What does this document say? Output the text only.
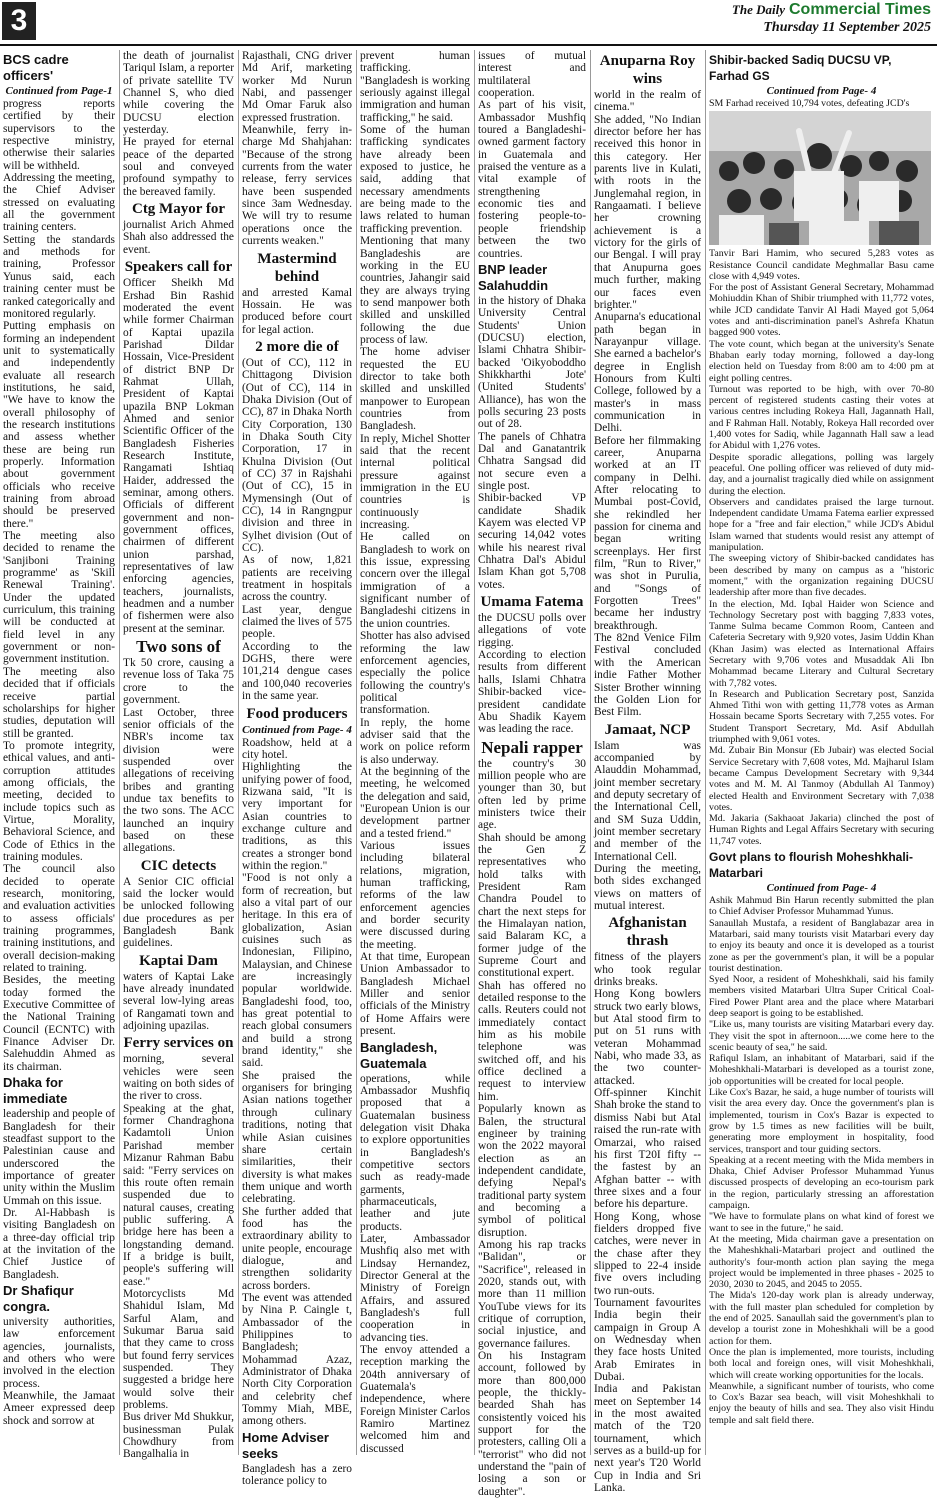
3	The Daily Commercial Times
Thursday 11 September 2025
BCS cadre officers'
Continued from Page-1

progress reports certified by their supervisors to the respective ministry, otherwise their salaries will be withheld.

Addressing the meeting, the Chief Adviser stressed on evaluating all the government training centers.

Setting the standards and methods for training, Professor Yunus said, each training center must be ranked categorically and monitored regularly.

Putting emphasis on forming an independent unit to systematically and independently evaluate all research institutions, he said, "We have to know the overall philosophy of the research institutions and assess whether these are being run properly. Information about government officials who receive training from abroad should be preserved there."

The meeting also decided to rename the 'Sanjiboni Training programme' as 'Skill Renewal Training'. Under the updated curriculum, this training will be conducted at field level in any government or non-government institution.

The meeting also decided that if officials receive partial scholarships for higher studies, deputation will still be granted.

To promote integrity, ethical values, and anti-corruption attitudes among officials, the meeting, decided to include topics such as Virtue, Morality, Behavioral Science, and Code of Ethics in the training modules.

The council also decided to operate research, monitoring, and evaluation activities to assess officials' training programmes, training institutions, and overall decision-making related to training.

Besides, the meeting today formed the Executive Committee of the National Training Council (ECNTC) with Finance Adviser Dr. Salehuddin Ahmed as its chairman.

Dhaka for immediate

leadership and people of Bangladesh for their steadfast support to the Palestinian cause and underscored the importance of greater unity within the Muslim Ummah on this issue.

Dr. Al-Habbash is visiting Bangladesh on a three-day official trip at the invitation of the Chief Justice of Bangladesh.

Dr Shafiqur congra.

university authorities, law enforcement agencies, journalists, and others who were involved in the election process.

Meanwhile, the Jamaat Ameer expressed deep shock and sorrow at

the death of journalist Tariqul Islam, a reporter of private satellite TV Channel S, who died while covering the DUCSU election yesterday.

He prayed for eternal peace of the departed soul and conveyed profound sympathy to the bereaved family.

Ctg Mayor for

journalist Arich Ahmed Shah also addressed the event.

Speakers call for

Officer Sheikh Md Ershad Bin Rashid moderated the event while former Chairman of Kaptai upazila Parishad Dildar Hossain, Vice-President of district BNP Dr Rahmat Ullah, President of Kaptai upazila BNP Lokman Ahmed and senior Scientific Officer of the Bangladesh Fisheries Research Institute, Rangamati Ishtiaq Haider, addressed the seminar, among others. Officials of different government and non-government offices, chairmen of different union parshad, representatives of law enforcing agencies, teachers, journalists, headmen and a number of fishermen were also present at the seminar.

Two sons of

Tk 50 crore, causing a revenue loss of Taka 75 crore to the government.

Last October, three senior officials of the NBR's income tax division were suspended over allegations of receiving bribes and granting undue tax benefits to the two sons. The ACC launched an inquiry based on these allegations.

CIC detects

A Senior CIC official said the locker would be unlocked following due procedures as per Bangladesh Bank guidelines.

Kaptai Dam

waters of Kaptai Lake have already inundated several low-lying areas of Rangamati town and adjoining upazilas.

Ferry services on

morning, several vehicles were seen waiting on both sides of the river to cross.

Speaking at the ghat, former Chandraghona Kadamtoli Union Parishad member Mizanur Rahman Babu said: "Ferry services on this route often remain suspended due to natural causes, creating public suffering. A bridge here has been a longstanding demand. If a bridge is built, people's suffering will ease."

Motorcyclists Md Shahidul Islam, Md Sarful Alam, and Sukumar Barua said that they came to cross but found ferry services suspended. They suggested a bridge here would solve their problems.

Bus driver Md Shukkur, businessman Pulak Chowdhury from Bangalhalia in

Rajasthali, CNG driver Md Arif, marketing worker Md Nurun Nabi, and passenger Md Omar Faruk also expressed frustration.

Meanwhile, ferry in-charge Md Shahjahan: "Because of the strong currents from the water release, ferry services have been suspended since 3am Wednesday. We will try to resume operations once the currents weaken."

Mastermind behind

and arrested Kamal Hossain. He was produced before court for legal action.

2 more die of

(Out of CC), 112 in Chittagong Division (Out of CC), 114 in Dhaka Division (Out of CC), 87 in Dhaka North City Corporation, 130 in Dhaka South City Corporation, 17 in Khulna Division (Out of CC) 37 in Rajshahi (Out of CC), 15 in Mymensingh (Out of CC), 14 in Rangngpur division and three in Sylhet division (Out of CC).

As of now, 1,821 patients are receiving treatment in hospitals across the country.

Last year, dengue claimed the lives of 575 people.

According to the DGHS, there were 101,214 dengue cases and 100,040 recoveries in the same year.

Food producers
Continued from Page- 4

Roadshow, held at a city hotel.

Highlighting the unifying power of food, Rizwana said, "It is very important for Asian countries to exchange culture and traditions, as this creates a stronger bond within the region."

"Food is not only a form of recreation, but also a vital part of our heritage. In this era of globalization, Asian cuisines such as Indonesian, Filipino, Malaysian, and Chinese are increasingly popular worldwide. Bangladeshi food, too, has great potential to reach global consumers and build a strong brand identity," she said.

She praised the organisers for bringing Asian nations together through culinary traditions, noting that while Asian cuisines share certain similarities, their diversity is what makes them unique and worth celebrating.

She further added that food has the extraordinary ability to unite people, encourage dialogue, and strengthen solidarity across borders.

The event was attended by Nina P. Caingle t, Ambassador of the Philippines to Bangladesh; Mohammad Azaz, Administrator of Dhaka North City Corporation and celebrity chef Tommy Miah, MBE, among others.

Home Adviser seeks

Bangladesh has a zero tolerance policy to

prevent human trafficking.

"Bangladesh is working seriously against illegal immigration and human trafficking," he said.

Some of the human trafficking syndicates have already been exposed to justice, he said, adding that necessary amendments are being made to the laws related to human trafficking prevention.

Mentioning that many Bangladeshis are working in the EU countries, Jahangir said they are always trying to send manpower both skilled and unskilled following the due process of law.

The home adviser requested the EU director to take both skilled and unskilled manpower to European countries from Bangladesh.

In reply, Michel Shotter said that the recent internal political pressure against immigration in the EU countries is continuously increasing.

He called on Bangladesh to work on this issue, expressing concern over the illegal immigration of a significant number of Bangladeshi citizens in the union countries.

Shotter has also advised reforming the law enforcement agencies, especially the police following the country's political transformation.

In reply, the home adviser said that the work on police reform is also underway.

At the beginning of the meeting, he welcomed the delegation and said, "European Union is our development partner and a tested friend."

Various issues including bilateral relations, migration, human trafficking, reforms of the law enforcement agencies and border security were discussed during the meeting.

At that time, European Union Ambassador to Bangladesh Michael Miller and senior officials of the Ministry of Home Affairs were present.

Bangladesh, Guatemala

operations, while Ambassador Mushfiq proposed that a Guatemalan business delegation visit Dhaka to explore opportunities in Bangladesh's competitive sectors such as ready-made garments, pharmaceuticals, leather and jute products.

Later, Ambassador Mushfiq also met with Lindsay Hernandez, Director General at the Ministry of Foreign Affairs, and assured Bangladesh's full cooperation in advancing ties.

The envoy attended a reception marking the 204th anniversary of Guatemala's independence, where Foreign Minister Carlos Ramiro Martinez welcomed him and discussed

issues of mutual interest and multilateral cooperation.

As part of his visit, Ambassador Mushfiq toured a Bangladeshi-owned garment factory in Guatemala and praised the venture as a vital example of strengthening economic ties and fostering people-to-people friendship between the two countries.

BNP leader Salahuddin

in the history of Dhaka University Central Students' Union (DUCSU) election, Islami Chhatra Shibir-backed 'Oikyoboddho Shikkharthi Jote' (United Students' Alliance), has won the polls securing 23 posts out of 28.

The panels of Chhatra Dal and Ganatantrik Chhatra Sangsad did not secure even a single post.

Shibir-backed VP candidate Shadik Kayem was elected VP securing 14,042 votes while his nearest rival Chhatra Dal's Abidul Islam Khan got 5,708 votes.

Umama Fatema

the DUCSU polls over allegations of vote rigging.

According to election results from different halls, Islami Chhatra Shibir-backed vice-president candidate Abu Shadik Kayem was leading the race.

Nepali rapper

the country's 30 million people who are younger than 30, but often led by prime ministers twice their age.

Shah should be among the Gen Z representatives who hold talks with President Ram Chandra Poudel to chart the next steps for the Himalayan nation, said Balaram KC, a former judge of the Supreme Court and constitutional expert.

Shah has offered no detailed response to the calls. Reuters could not immediately contact him as his mobile telephone was switched off, and his office declined a request to interview him.

Popularly known as Balen, the structural engineer by training won the 2022 mayoral election as an independent candidate, defying Nepal's traditional party system and becoming a symbol of political disruption.

Among his rap tracks "Balidan", or "Sacrifice", released in 2020, stands out, with more than 11 million YouTube views for its critique of corruption, social injustice, and governance failures.

On his Instagram account, followed by more than 800,000 people, the thickly-bearded Shah has consistently voiced his support for the protesters, calling Oli a "terrorist" who did not understand the "pain of losing a son or daughter".

Anuparna Roy wins

world in the realm of cinema."

She added, "No Indian director before her has received this honor in this category. Her parents live in Kulati, with roots in the Junglemahal region, in Rangaamati. I believe her crowning achievement is a victory for the girls of our Bengal. I will pray that Anupurna goes much further, making our faces even brighter."

Anuparna's educational path began in Narayanpur village. She earned a bachelor's degree in English Honours from Kulti College, followed by a master's in mass communication in Delhi.

Before her filmmaking career, Anuparna worked at an IT company in Delhi. After relocating to Mumbai post-Covid, she rekindled her passion for cinema and began writing screenplays. Her first film, "Run to River," was shot in Purulia, and "Songs of Forgotten Trees" became her industry breakthrough.

The 82nd Venice Film Festival concluded with the American indie Father Mother Sister Brother winning the Golden Lion for Best Film.

Jamaat, NCP

Islam was accompanied by Alauddin Mohammad, joint member secretary and deputy secretary of the International Cell, and SM Suza Uddin, joint member secretary and member of the International Cell.

During the meeting, both sides exchanged views on matters of mutual interest.

Afghanistan thrash

fitness of the players who took regular drinks breaks.

Hong Kong bowlers struck two early blows, but Atal stood firm to put on 51 runs with veteran Mohammad Nabi, who made 33, as the two counter-attacked.

Off-spinner Kinchit Shah broke the stand to dismiss Nabi but Atal raised the run-rate with Omarzai, who raised his first T20I fifty -- the fastest by an Afghan batter -- with three sixes and a four before his departure.

Hong Kong, whose fielders dropped five catches, were never in the chase after they slipped to 22-4 inside five overs including two run-outs.

Tournament favourites India begin their campaign in Group A on Wednesday when they face hosts United Arab Emirates in Dubai.

India and Pakistan meet on September 14 in the most awaited match of the T20 tournament, which serves as a build-up for next year's T20 World Cup in India and Sri Lanka.

Shibir-backed Sadiq DUCSU VP, Farhad GS
Continued from Page- 4

SM Farhad received 10,794 votes, defeating JCD's

Tanvir Bari Hamim, who secured 5,283 votes as Resistance Council candidate Meghmallar Basu came close with 4,949 votes.

For the post of Assistant General Secretary, Mohammad Mohiuddin Khan of Shibir triumphed with 11,772 votes, while JCD candidate Tanvir Al Hadi Mayed got 5,064 votes and anti-discrimination panel's Ashrefa Khatun bagged 900 votes.

The vote count, which began at the university's Senate Bhaban early today morning, followed a day-long election held on Tuesday from 8:00 am to 4:00 pm at eight polling centres.

Turnout was reported to be high, with over 70-80 percent of registered students casting their votes at various centres including Rokeya Hall, Jagannath Hall, and F Rahman Hall. Notably, Rokeya Hall recorded over 1,400 votes for Sadiq, while Jagannath Hall saw a lead for Abidul with 1,276 votes.

Despite sporadic allegations, polling was largely peaceful. One polling officer was relieved of duty mid-day, and a journalist tragically died while on assignment during the election.

Observers and candidates praised the large turnout. Independent candidate Umama Fatema earlier expressed hope for a "free and fair election," while JCD's Abidul Islam warned that students would resist any attempt of manipulation.

The sweeping victory of Shibir-backed candidates has been described by many on campus as a "historic moment," with the organization regaining DUCSU leadership after more than five decades.

In the election, Md. Iqbal Haider won Science and Technology Secretary post with bagging 7,833 votes, Tanme Sulma became Common Room, Canteen and Cafeteria Secretary with 9,920 votes, Jasim Uddin Khan (Khan Jasim) was elected as International Affairs Secretary with 9,706 votes and Musaddak Ali Ibn Mohammad became Literary and Cultural Secretary with 7,782 votes.

In Research and Publication Secretary post, Sanzida Ahmed Tithi won with getting 11,778 votes as Arman Hossain became Sports Secretary with 7,255 votes. For Student Transport Secretary, Md. Asif Abdullah triumphed with 9,061 votes.

Md. Zubair Bin Monsur (Eb Jubair) was elected Social Service Secretary with 7,608 votes, Md. Majharul Islam became Campus Development Secretary with 9,344 votes and M. M. Al Tanmoy (Abdullah Al Tanmoy) elected Health and Environment Secretary with 7,038 votes.

Md. Jakaria (Sakhaoat Jakaria) clinched the post of Human Rights and Legal Affairs Secretary with securing 11,747 votes.

Govt plans to flourish Moheshkhali-Matarbari
Continued from Page- 4

Ashik Mahmud Bin Harun recently submitted the plan to Chief Adviser Professor Muhammad Yunus.

Sanaullah Mustafa, a resident of Banglabazar area in Matarbari, said many tourists visit Matarbari every day to enjoy its beauty and once it is developed as a tourist zone as per the government's plan, it will be a popular tourist destination.

Syed Noor, a resident of Moheshkhali, said his family members visited Matarbari Ultra Super Critical Coal-Fired Power Plant area and the place where Matarbari deep seaport is going to be established.

"Like us, many tourists are visiting Matarbari every day. They visit the spot in afternoon.....we come here to the scenic beauty of sea," he said.

Rafiqul Islam, an inhabitant of Matarbari, said if the Moheshkhali-Matarbari is developed as a tourist zone, job opportunities will be created for local people.

Like Cox's Bazar, he said, a huge number of tourists will visit the area every day. Once the government's plan is implemented, tourism in Cox's Bazar is expected to grow by 1.5 times as new facilities will be built, generating more employment in hospitality, food services, transport and tour guiding sectors.

Speaking at a recent meeting with the Mida members in Dhaka, Chief Adviser Professor Muhammad Yunus discussed prospects of developing an eco-tourism park in the region, particularly stressing an afforestation campaign.

"We have to formulate plans on what kind of forest we want to see in the future," he said.

At the meeting, Mida chairman gave a presentation on the Maheshkhali-Matarbari project and outlined the authority's four-month action plan saying the mega project would be implemented in three phases - 2025 to 2030, 2030 to 2045, and 2045 to 2055.

The Mida's 120-day work plan is already underway, with the full master plan scheduled for completion by the end of 2025. Sanaullah said the government's plan to develop a tourist zone in Moheshkhali will be a good action for them.

Once the plan is implemented, more tourists, including both local and foreign ones, will visit Moheshkhali, which will create working opportunities for the locals.

Meanwhile, a significant number of tourists, who come to Cox's Bazar sea beach, will visit Moheshkhali to enjoy the beauty of hills and sea. They also visit Hindu temple and salt field there.
